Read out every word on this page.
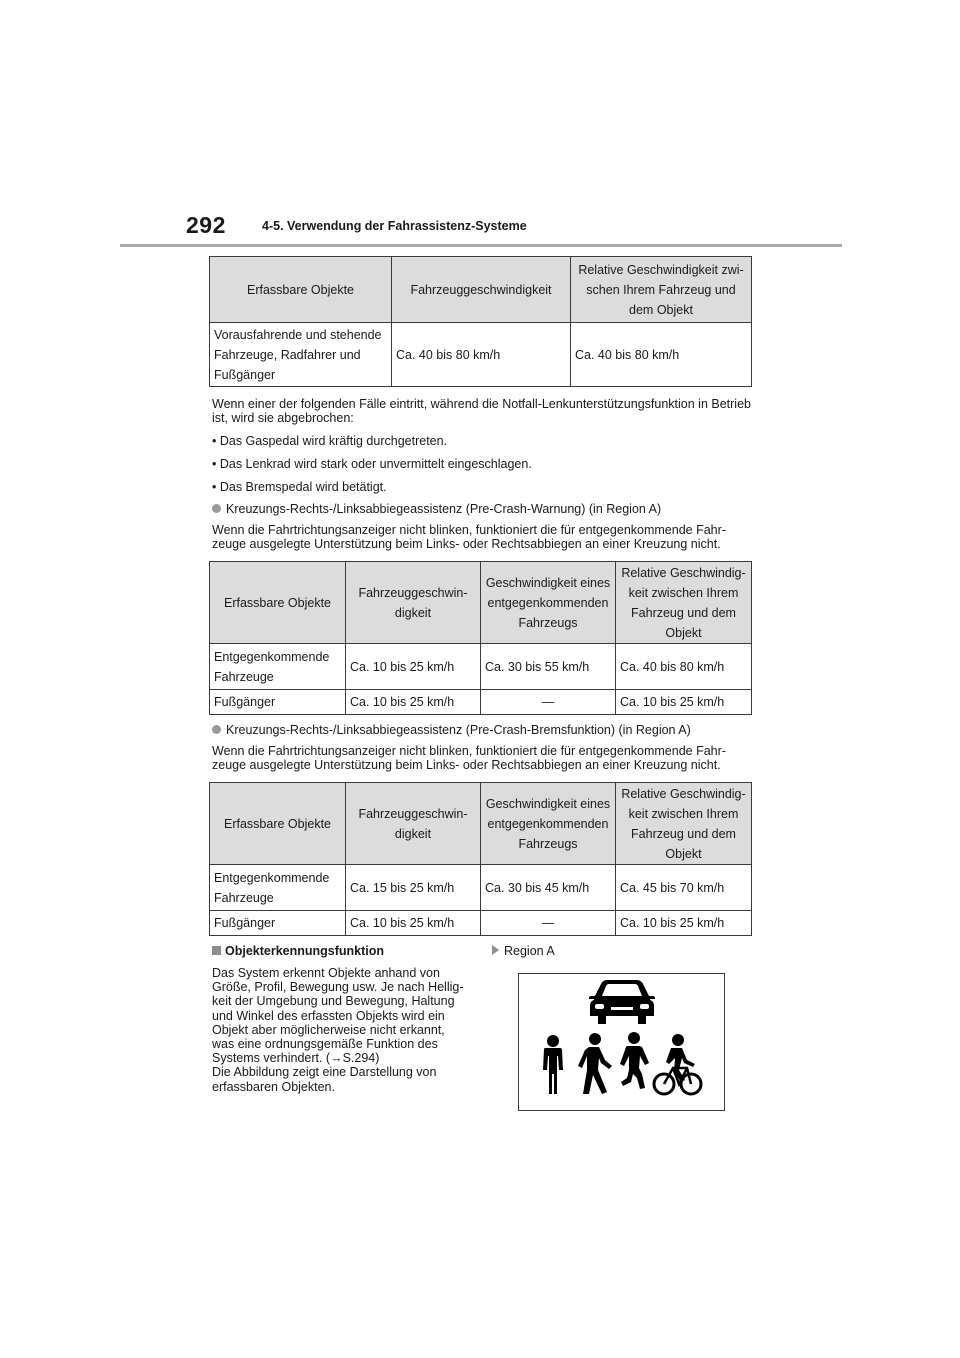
292	4-5. Verwendung der Fahrassistenz-Systeme
Erfassbare Objekte	Fahrzeuggeschwindigkeit	Relative Geschwindigkeit zwi-schen Ihrem Fahrzeug und dem Objekt
Vorausfahrende und stehende Fahrzeuge, Radfahrer und Fußgänger	Ca. 40 bis 80 km/h	Ca. 40 bis 80 km/h
Wenn einer der folgenden Fälle eintritt, während die Notfall-Lenkunterstützungsfunktion in Betrieb ist, wird sie abgebrochen:
• Das Gaspedal wird kräftig durchgetreten.
• Das Lenkrad wird stark oder unvermittelt eingeschlagen.
• Das Bremspedal wird betätigt.
Kreuzungs-Rechts-/Linksabbiegeassistenz (Pre-Crash-Warnung) (in Region A)
Wenn die Fahrtrichtungsanzeiger nicht blinken, funktioniert die für entgegenkommende Fahr-zeuge ausgelegte Unterstützung beim Links- oder Rechtsabbiegen an einer Kreuzung nicht.
Erfassbare Objekte	Fahrzeuggeschwin-digkeit	Geschwindigkeit eines entgegenkommenden Fahrzeugs	Relative Geschwindig-keit zwischen Ihrem Fahrzeug und dem Objekt
Entgegenkommende Fahrzeuge	Ca. 10 bis 25 km/h	Ca. 30 bis 55 km/h	Ca. 40 bis 80 km/h
Fußgänger	Ca. 10 bis 25 km/h	—	Ca. 10 bis 25 km/h
Kreuzungs-Rechts-/Linksabbiegeassistenz (Pre-Crash-Bremsfunktion) (in Region A)
Wenn die Fahrtrichtungsanzeiger nicht blinken, funktioniert die für entgegenkommende Fahr-zeuge ausgelegte Unterstützung beim Links- oder Rechtsabbiegen an einer Kreuzung nicht.
Erfassbare Objekte	Fahrzeuggeschwin-digkeit	Geschwindigkeit eines entgegenkommenden Fahrzeugs	Relative Geschwindig-keit zwischen Ihrem Fahrzeug und dem Objekt
Entgegenkommende Fahrzeuge	Ca. 15 bis 25 km/h	Ca. 30 bis 45 km/h	Ca. 45 bis 70 km/h
Fußgänger	Ca. 10 bis 25 km/h	—	Ca. 10 bis 25 km/h
Objekterkennungsfunktion
Das System erkennt Objekte anhand von
Größe, Profil, Bewegung usw. Je nach Hellig-
keit der Umgebung und Bewegung, Haltung
und Winkel des erfassten Objekts wird ein
Objekt aber möglicherweise nicht erkannt,
was eine ordnungsgemäße Funktion des
Systems verhindert. (→S.294)
Die Abbildung zeigt eine Darstellung von
erfassbaren Objekten.
Region A
